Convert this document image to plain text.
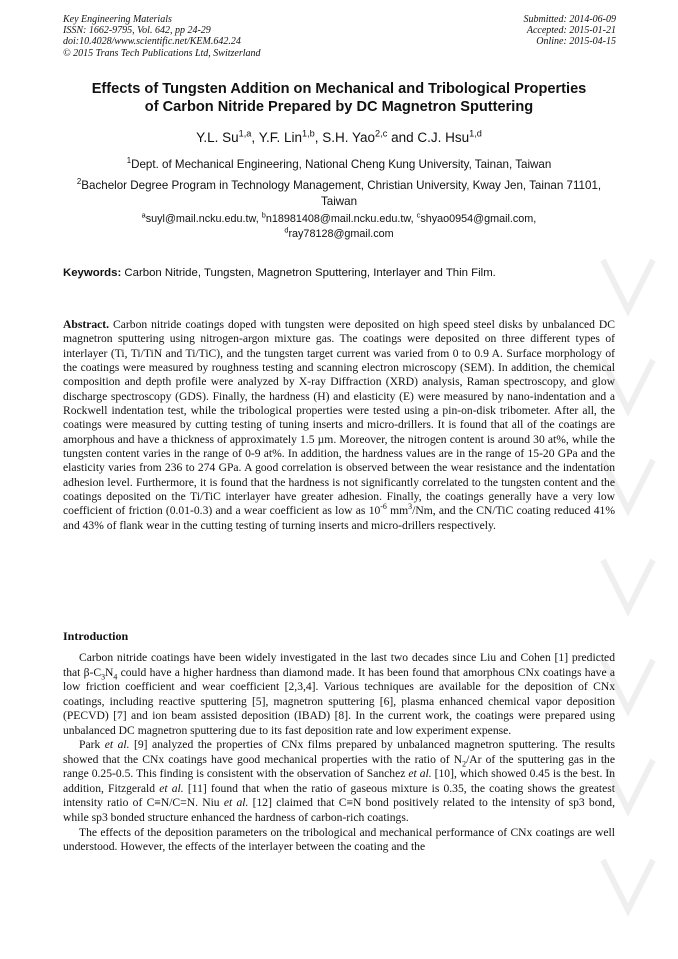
Key Engineering Materials
ISSN: 1662-9795, Vol. 642, pp 24-29
doi:10.4028/www.scientific.net/KEM.642.24
© 2015 Trans Tech Publications Ltd, Switzerland
Submitted: 2014-06-09
Accepted: 2015-01-21
Online: 2015-04-15
Effects of Tungsten Addition on Mechanical and Tribological Properties
of Carbon Nitride Prepared by DC Magnetron Sputtering
Y.L. Su$^{1,a}$, Y.F. Lin$^{1,b}$, S.H. Yao$^{2,c}$ and C.J. Hsu$^{1,d}$
$^1$Dept. of Mechanical Engineering, National Cheng Kung University, Tainan, Taiwan
$^2$Bachelor Degree Program in Technology Management, Christian University, Kway Jen, Tainan 71101, Taiwan
$^a$suyl@mail.ncku.edu.tw, $^b$n18981408@mail.ncku.edu.tw, $^c$shyao0954@gmail.com,
$^d$ray78128@gmail.com
Keywords: Carbon Nitride, Tungsten, Magnetron Sputtering, Interlayer and Thin Film.

Abstract. Carbon nitride coatings doped with tungsten were deposited on high speed steel disks by unbalanced DC magnetron sputtering using nitrogen-argon mixture gas. The coatings were deposited on three different types of interlayer (Ti, Ti/TiN and Ti/TiC), and the tungsten target current was varied from 0 to 0.9 A. Surface morphology of the coatings were measured by roughness testing and scanning electron microscopy (SEM). In addition, the chemical composition and depth profile were analyzed by X-ray Diffraction (XRD) analysis, Raman spectroscopy, and glow discharge spectroscopy (GDS). Finally, the hardness (H) and elasticity (E) were measured by nano-indentation and a Rockwell indentation test, while the tribological properties were tested using a pin-on-disk tribometer. After all, the coatings were measured by cutting testing of tuning inserts and micro-drillers. It is found that all of the coatings are amorphous and have a thickness of approximately 1.5 µm. Moreover, the nitrogen content is around 30 at%, while the tungsten content varies in the range of 0-9 at%. In addition, the hardness values are in the range of 15-20 GPa and the elasticity varies from 236 to 274 GPa. A good correlation is observed between the wear resistance and the indentation adhesion level. Furthermore, it is found that the hardness is not significantly correlated to the tungsten content and the coatings deposited on the Ti/TiC interlayer have greater adhesion. Finally, the coatings generally have a very low coefficient of friction (0.01-0.3) and a wear coefficient as low as $10^{-6}$ $mm^3/Nm$, and the CN/TiC coating reduced 41% and 43% of flank wear in the cutting testing of turning inserts and micro-drillers respectively.

Introduction

Carbon nitride coatings have been widely investigated in the last two decades since Liu and Cohen [1] predicted that $\beta-C_3N_4$ could have a higher hardness than diamond made. It has been found that amorphous CNx coatings have a low friction coefficient and wear coefficient [2,3,4]. Various techniques are available for the deposition of CNx coatings, including reactive sputtering [5], magnetron sputtering [6], plasma enhanced chemical vapor deposition (PECVD) [7] and ion beam assisted deposition (IBAD) [8]. In the current work, the coatings were prepared using unbalanced DC magnetron sputtering due to its fast deposition rate and low experiment expense.

Park et al. [9] analyzed the properties of CNx films prepared by unbalanced magnetron sputtering. The results showed that the CNx coatings have good mechanical properties with the ratio of $N_2/Ar$ of the sputtering gas in the range 0.25-0.5. This finding is consistent with the observation of Sanchez et al. [10], which showed 0.45 is the best. In addition, Fitzgerald et al. [11] found that when the ratio of gaseous mixture is 0.35, the coating shows the greatest intensity ratio of C≡N/C=N. Niu et al. [12] claimed that C≡N bond positively related to the intensity of sp3 bond, while sp3 bonded structure enhanced the hardness of carbon-rich coatings.

The effects of the deposition parameters on the tribological and mechanical performance of CNx coatings are well understood. However, the effects of the interlayer between the coating and the
